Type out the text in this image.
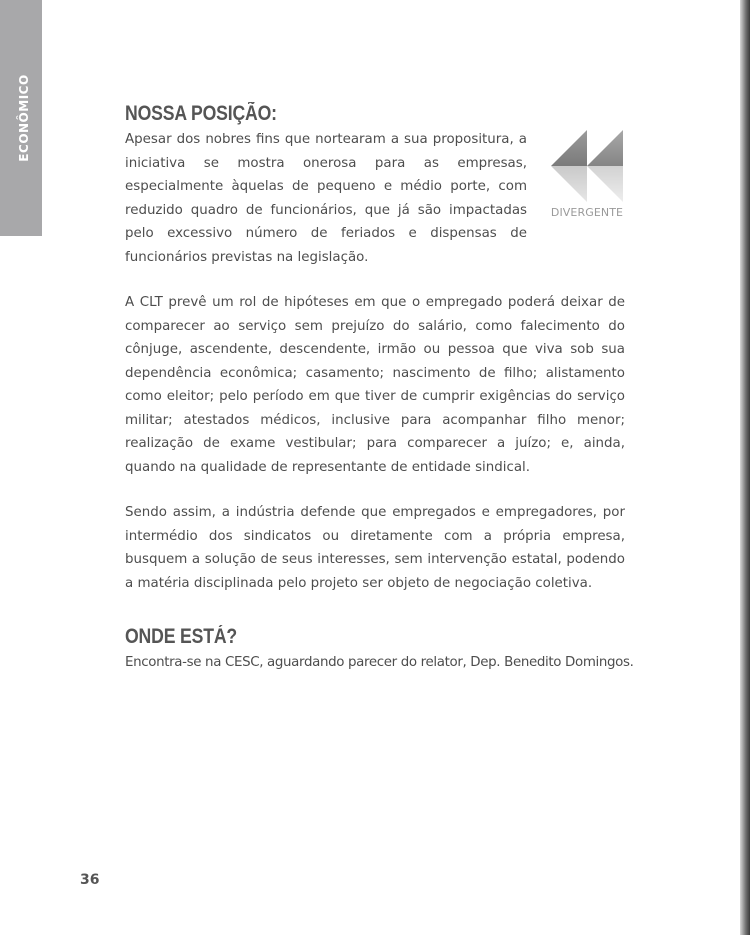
ECONÔMICO	NOSSA POSIÇÃO:

Apesar dos nobres fins que nortearam a sua propositura, a iniciativa se mostra onerosa para as empresas, especialmente àquelas de pequeno e médio porte, com reduzido quadro de funcionários, que já são impactadas pelo excessivo número de feriados e dispensas de funcionários previstas na legislação.

DIVERGENTE

A CLT prevê um rol de hipóteses em que o empregado poderá deixar de comparecer ao serviço sem prejuízo do salário, como falecimento do cônjuge, ascendente, descendente, irmão ou pessoa que viva sob sua dependência econômica; casamento; nascimento de filho; alistamento como eleitor; pelo período em que tiver de cumprir exigências do serviço militar; atestados médicos, inclusive para acompanhar filho menor; realização de exame vestibular; para comparecer a juízo; e, ainda, quando na qualidade de representante de entidade sindical.

Sendo assim, a indústria defende que empregados e empregadores, por intermédio dos sindicatos ou diretamente com a própria empresa, busquem a solução de seus interesses, sem intervenção estatal, podendo a matéria disciplinada pelo projeto ser objeto de negociação coletiva.

ONDE ESTÁ?

Encontra-se na CESC, aguardando parecer do relator, Dep. Benedito Domingos.

36
